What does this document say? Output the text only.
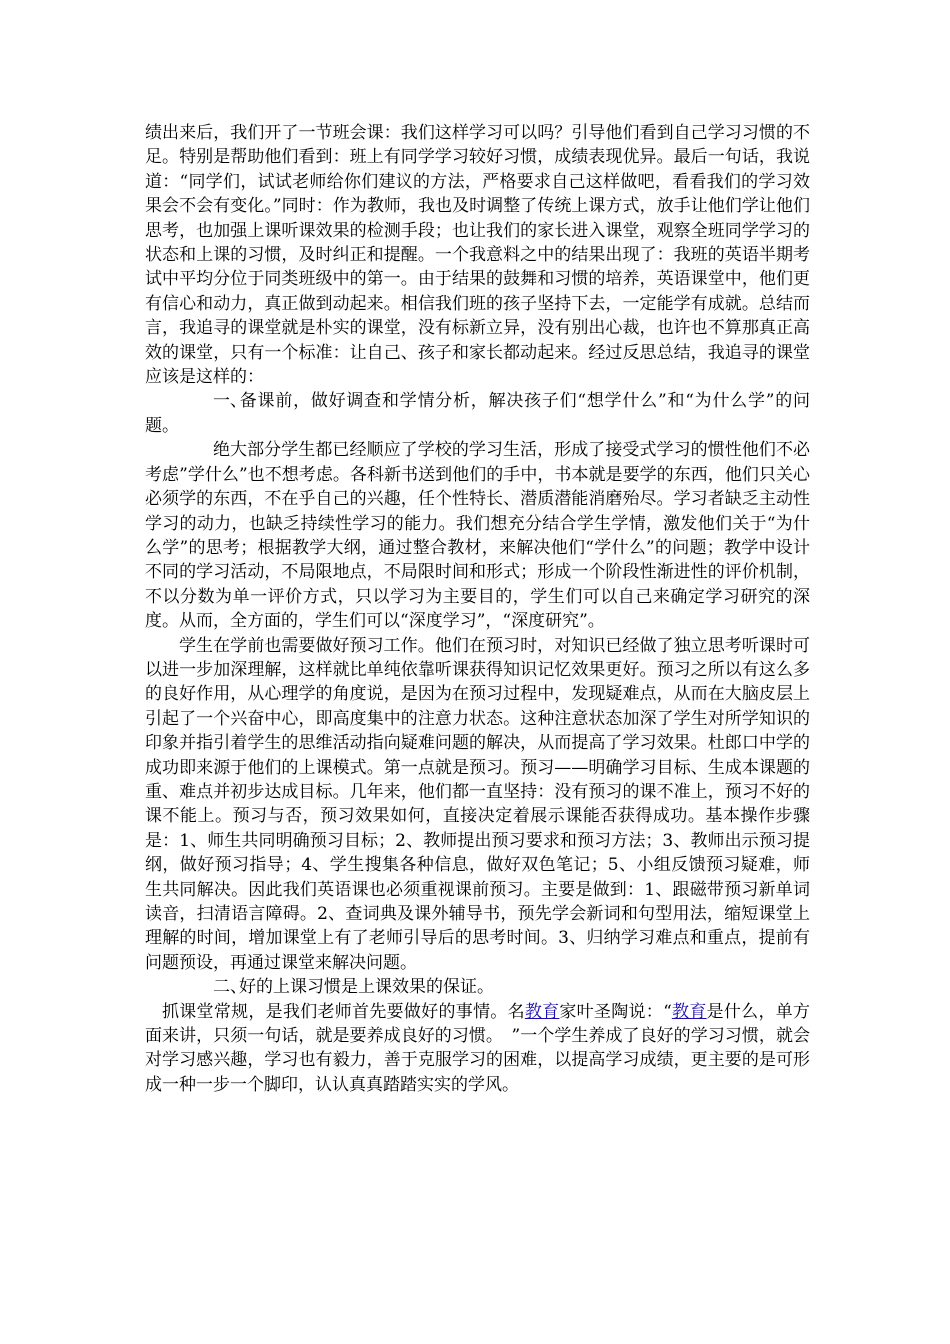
绩出来后，我们开了一节班会课：我们这样学习可以吗？引导他们看到自己学习习惯的不足。特别是帮助他们看到：班上有同学学习较好习惯，成绩表现优异。最后一句话，我说道：“同学们，试试老师给你们建议的方法，严格要求自己这样做吧，看看我们的学习效果会不会有变化。”同时：作为教师，我也及时调整了传统上课方式，放手让他们学让他们思考，也加强上课听课效果的检测手段；也让我们的家长进入课堂，观察全班同学学习的状态和上课的习惯，及时纠正和提醒。一个我意料之中的结果出现了：我班的英语半期考试中平均分位于同类班级中的第一。由于结果的鼓舞和习惯的培养，英语课堂中，他们更有信心和动力，真正做到动起来。相信我们班的孩子坚持下去，一定能学有成就。总结而言，我追寻的课堂就是朴实的课堂，没有标新立异，没有别出心裁，也许也不算那真正高效的课堂，只有一个标准：让自己、孩子和家长都动起来。经过反思总结，我追寻的课堂应该是这样的：

一、备课前，做好调查和学情分析，解决孩子们“想学什么”和“为什么学”的问题。

绝大部分学生都已经顺应了学校的学习生活，形成了接受式学习的惯性他们不必考虑”学什么”也不想考虑。各科新书送到他们的手中，书本就是要学的东西，他们只关心必须学的东西，不在乎自己的兴趣，任个性特长、潜质潜能消磨殆尽。学习者缺乏主动性学习的动力，也缺乏持续性学习的能力。我们想充分结合学生学情，激发他们关于“为什么学”的思考；根据教学大纲，通过整合教材，来解决他们“学什么”的问题；教学中设计不同的学习活动，不局限地点，不局限时间和形式；形成一个阶段性渐进性的评价机制，不以分数为单一评价方式，只以学习为主要目的，学生们可以自己来确定学习研究的深度。从而，全方面的，学生们可以“深度学习”，“深度研究”。

学生在学前也需要做好预习工作。他们在预习时，对知识已经做了独立思考听课时可以进一步加深理解，这样就比单纯依靠听课获得知识记忆效果更好。预习之所以有这么多的良好作用，从心理学的角度说，是因为在预习过程中，发现疑难点，从而在大脑皮层上引起了一个兴奋中心，即高度集中的注意力状态。这种注意状态加深了学生对所学知识的印象并指引着学生的思维活动指向疑难问题的解决，从而提高了学习效果。杜郎口中学的成功即来源于他们的上课模式。第一点就是预习。预习——明确学习目标、生成本课题的重、难点并初步达成目标。几年来，他们都一直坚持：没有预习的课不准上，预习不好的课不能上。预习与否，预习效果如何，直接决定着展示课能否获得成功。基本操作步骤是：1、师生共同明确预习目标；2、教师提出预习要求和预习方法；3、教师出示预习提纲，做好预习指导；4、学生搜集各种信息，做好双色笔记；5、小组反馈预习疑难，师生共同解决。因此我们英语课也必须重视课前预习。主要是做到：1、跟磁带预习新单词读音，扫清语言障碍。2、查词典及课外辅导书，预先学会新词和句型用法，缩短课堂上理解的时间，增加课堂上有了老师引导后的思考时间。3、归纳学习难点和重点，提前有问题预设，再通过课堂来解决问题。

二、好的上课习惯是上课效果的保证。

抓课堂常规，是我们老师首先要做好的事情。名教育家叶圣陶说：“教育是什么，单方面来讲，只须一句话，就是要养成良好的习惯。　”一个学生养成了良好的学习习惯，就会对学习感兴趣，学习也有毅力，善于克服学习的困难，以提高学习成绩，更主要的是可形成一种一步一个脚印，认认真真踏踏实实的学风。
